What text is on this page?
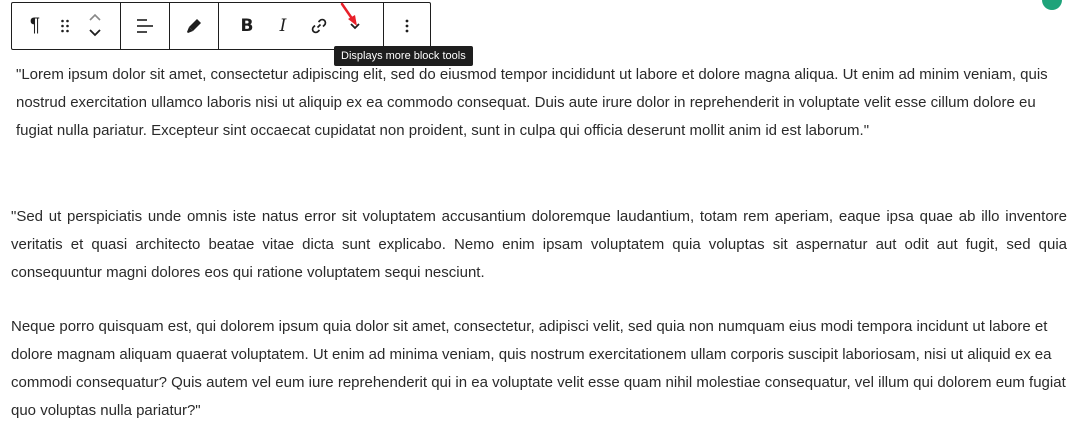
"Lorem ipsum dolor sit amet, consectetur adipiscing elit, sed do eiusmod tempor incididunt ut labore et dolore magna aliqua. Ut enim ad minim veniam, quis nostrud exercitation ullamco laboris nisi ut aliquip ex ea commodo consequat. Duis aute irure dolor in reprehenderit in voluptate velit esse cillum dolore eu fugiat nulla pariatur. Excepteur sint occaecat cupidatat non proident, sunt in culpa qui officia deserunt mollit anim id est laborum."

"Sed ut perspiciatis unde omnis iste natus error sit voluptatem accusantium doloremque laudantium, totam rem aperiam, eaque ipsa quae ab illo inventore veritatis et quasi architecto beatae vitae dicta sunt explicabo. Nemo enim ipsam voluptatem quia voluptas sit aspernatur aut odit aut fugit, sed quia consequuntur magni dolores eos qui ratione voluptatem sequi nesciunt.

Neque porro quisquam est, qui dolorem ipsum quia dolor sit amet, consectetur, adipisci velit, sed quia non numquam eius modi tempora incidunt ut labore et dolore magnam aliquam quaerat voluptatem. Ut enim ad minima veniam, quis nostrum exercitationem ullam corporis suscipit laboriosam, nisi ut aliquid ex ea commodi consequatur? Quis autem vel eum iure reprehenderit qui in ea voluptate velit esse quam nihil molestiae consequatur, vel illum qui dolorem eum fugiat quo voluptas nulla pariatur?"

¶	B	I
Displays more block tools
